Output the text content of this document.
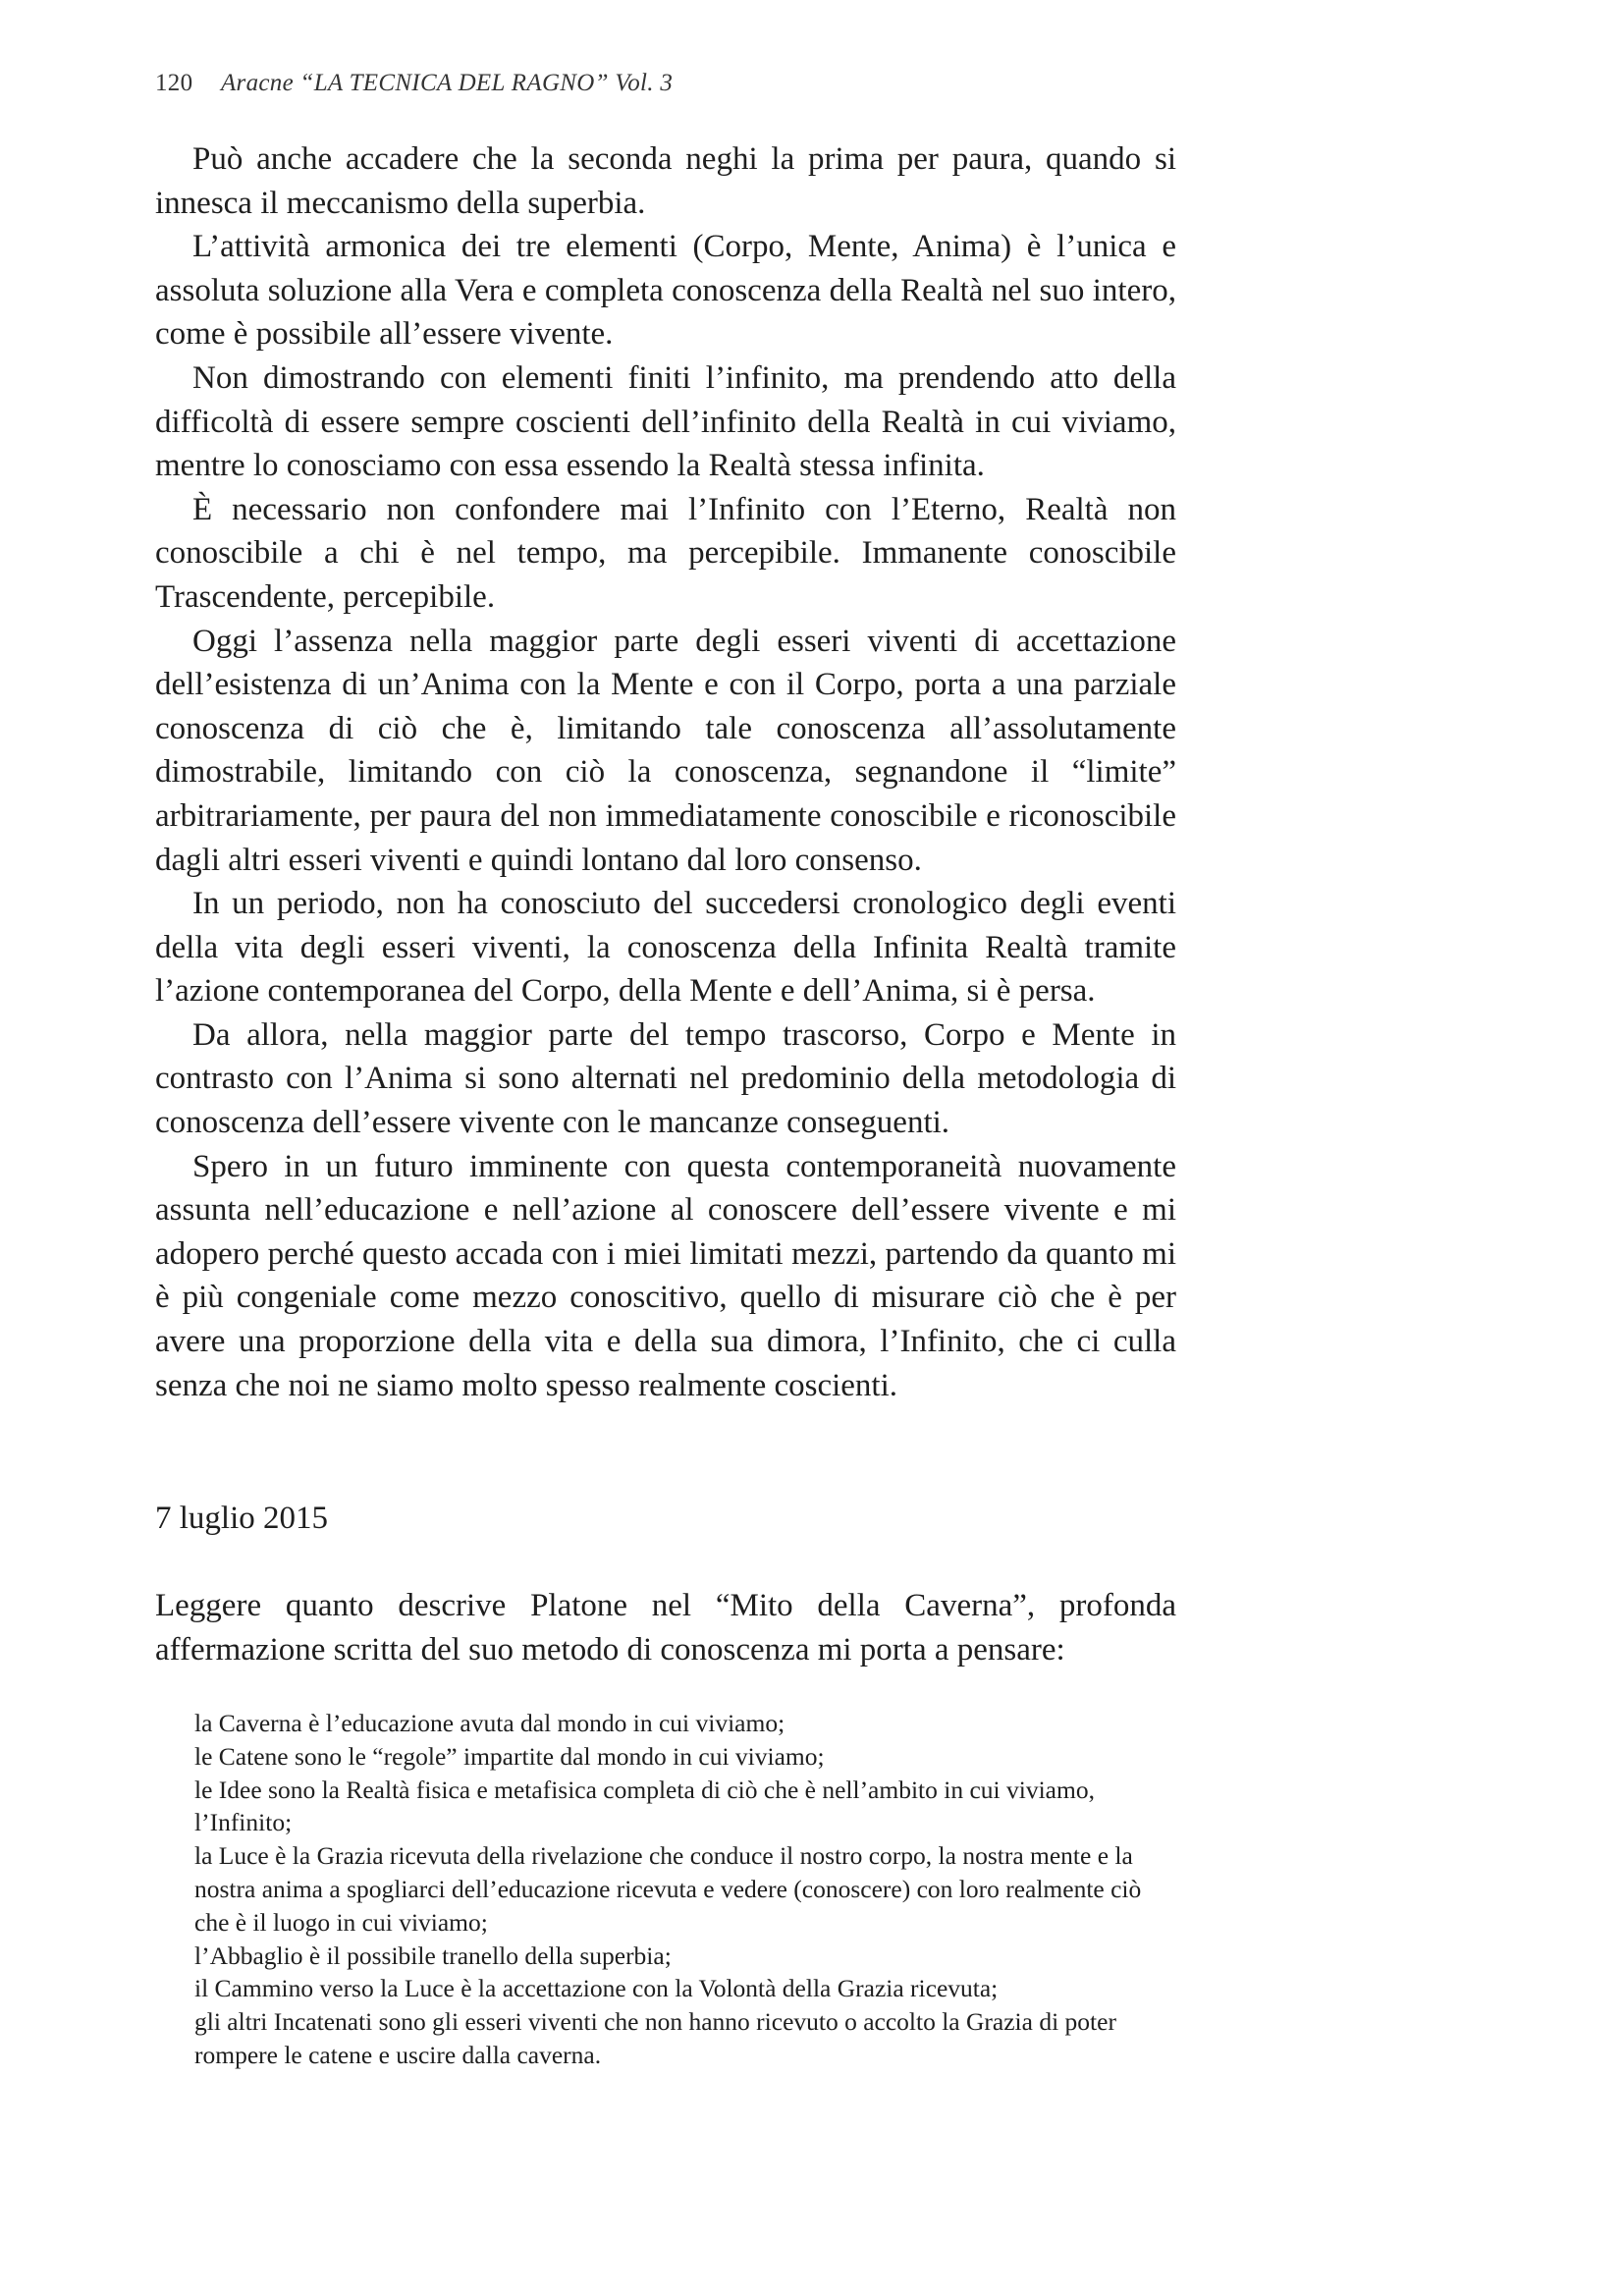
120 Aracne “LA TECNICA DEL RAGNO” Vol. 3

Può anche accadere che la seconda neghi la prima per paura, quando si innesca il meccanismo della superbia.

L’attività armonica dei tre elementi (Corpo, Mente, Anima) è l’unica e assoluta soluzione alla Vera e completa conoscenza della Realtà nel suo intero, come è possibile all’essere vivente.

Non dimostrando con elementi finiti l’infinito, ma prendendo atto della difficoltà di essere sempre coscienti dell’infinito della Realtà in cui viviamo, mentre lo conosciamo con essa essendo la Realtà stessa infinita.

È necessario non confondere mai l’Infinito con l’Eterno, Realtà non conoscibile a chi è nel tempo, ma percepibile. Immanente conoscibile Trascendente, percepibile.

Oggi l’assenza nella maggior parte degli esseri viventi di accettazione dell’esistenza di un’Anima con la Mente e con il Corpo, porta a una parziale conoscenza di ciò che è, limitando tale conoscenza all’assolutamente dimostrabile, limitando con ciò la conoscenza, segnandone il “limite” arbitrariamente, per paura del non immediatamente conoscibile e riconoscibile dagli altri esseri viventi e quindi lontano dal loro consenso.

In un periodo, non ha conosciuto del succedersi cronologico degli eventi della vita degli esseri viventi, la conoscenza della Infinita Realtà tramite l’azione contemporanea del Corpo, della Mente e dell’Anima, si è persa.

Da allora, nella maggior parte del tempo trascorso, Corpo e Mente in contrasto con l’Anima si sono alternati nel predominio della metodologia di conoscenza dell’essere vivente con le mancanze conseguenti.

Spero in un futuro imminente con questa contemporaneità nuovamente assunta nell’educazione e nell’azione al conoscere dell’essere vivente e mi adopero perché questo accada con i miei limitati mezzi, partendo da quanto mi è più congeniale come mezzo conoscitivo, quello di misurare ciò che è per avere una proporzione della vita e della sua dimora, l’Infinito, che ci culla senza che noi ne siamo molto spesso realmente coscienti.

7 luglio 2015

Leggere quanto descrive Platone nel “Mito della Caverna”, profonda affermazione scritta del suo metodo di conoscenza mi porta a pensare:

la Caverna è l’educazione avuta dal mondo in cui viviamo;
le Catene sono le “regole” impartite dal mondo in cui viviamo;
le Idee sono la Realtà fisica e metafisica completa di ciò che è nell’ambito in cui viviamo, l’Infinito;
la Luce è la Grazia ricevuta della rivelazione che conduce il nostro corpo, la nostra mente e la nostra anima a spogliarci dell’educazione ricevuta e vedere (conoscere) con loro realmente ciò che è il luogo in cui viviamo;
l’Abbaglio è il possibile tranello della superbia;
il Cammino verso la Luce è la accettazione con la Volontà della Grazia ricevuta;
gli altri Incatenati sono gli esseri viventi che non hanno ricevuto o accolto la Grazia di poter rompere le catene e uscire dalla caverna.
